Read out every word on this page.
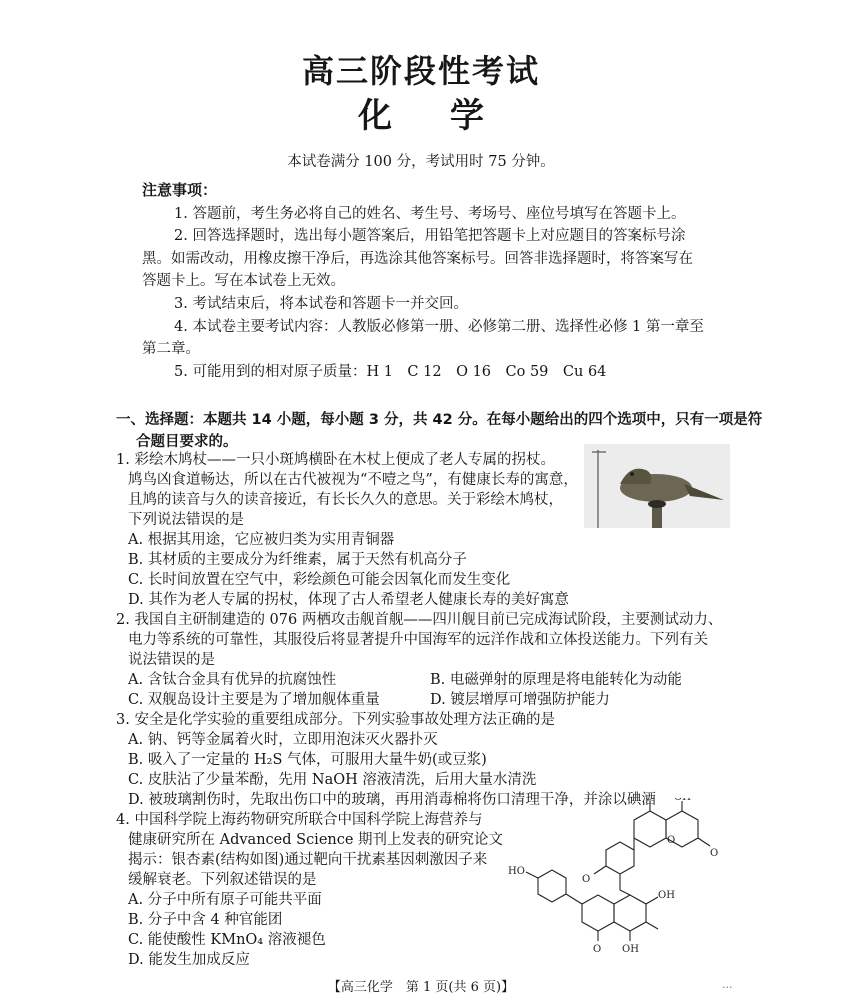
高三阶段性考试
化学
本试卷满分 100 分，考试用时 75 分钟。
注意事项：
1. 答题前，考生务必将自己的姓名、考生号、考场号、座位号填写在答题卡上。
2. 回答选择题时，选出每小题答案后，用铅笔把答题卡上对应题目的答案标号涂
黑。如需改动，用橡皮擦干净后，再选涂其他答案标号。回答非选择题时，将答案写在
答题卡上。写在本试卷上无效。
3. 考试结束后，将本试卷和答题卡一并交回。
4. 本试卷主要考试内容：人教版必修第一册、必修第二册、选择性必修 1 第一章至
第二章。
5. 可能用到的相对原子质量：H 1　C 12　O 16　Co 59　Cu 64
一、选择题：本题共 14 小题，每小题 3 分，共 42 分。在每小题给出的四个选项中，只有一项是符
合题目要求的。
1. 彩绘木鸠杖——一只小斑鸠横卧在木杖上便成了老人专属的拐杖。
鸠鸟凶食道畅达，所以在古代被视为“不噎之鸟”，有健康长寿的寓意，
且鸠的读音与久的读音接近，有长长久久的意思。关于彩绘木鸠杖，
下列说法错误的是
A. 根据其用途，它应被归类为实用青铜器
B. 其材质的主要成分为纤维素，属于天然有机高分子
C. 长时间放置在空气中，彩绘颜色可能会因氧化而发生变化
D. 其作为老人专属的拐杖，体现了古人希望老人健康长寿的美好寓意
2. 我国自主研制建造的 076 两栖攻击舰首舰——四川舰目前已完成海试阶段，主要测试动力、
电力等系统的可靠性，其服役后将显著提升中国海军的远洋作战和立体投送能力。下列有关
说法错误的是
A. 含钛合金具有优异的抗腐蚀性	B. 电磁弹射的原理是将电能转化为动能
C. 双舰岛设计主要是为了增加舰体重量	D. 镀层增厚可增强防护能力
3. 安全是化学实验的重要组成部分。下列实验事故处理方法正确的是
A. 钠、钙等金属着火时，立即用泡沫灭火器扑灭
B. 吸入了一定量的 H₂S 气体，可服用大量牛奶(或豆浆)
C. 皮肤沾了少量苯酚，先用 NaOH 溶液清洗，后用大量水清洗
D. 被玻璃割伤时，先取出伤口中的玻璃，再用消毒棉将伤口清理干净，并涂以碘酒
4. 中国科学院上海药物研究所联合中国科学院上海营养与
健康研究所在 Advanced Science 期刊上发表的研究论文
揭示：银杏素(结构如图)通过靶向干扰素基因刺激因子来
缓解衰老。下列叙述错误的是
A. 分子中所有原子可能共平面
B. 分子中含 4 种官能团
C. 能使酸性 KMnO₄ 溶液褪色
D. 能发生加成反应
O
O
HO
O
OH
O OH
【高三化学　第 1 页(共 6 页)】	...
